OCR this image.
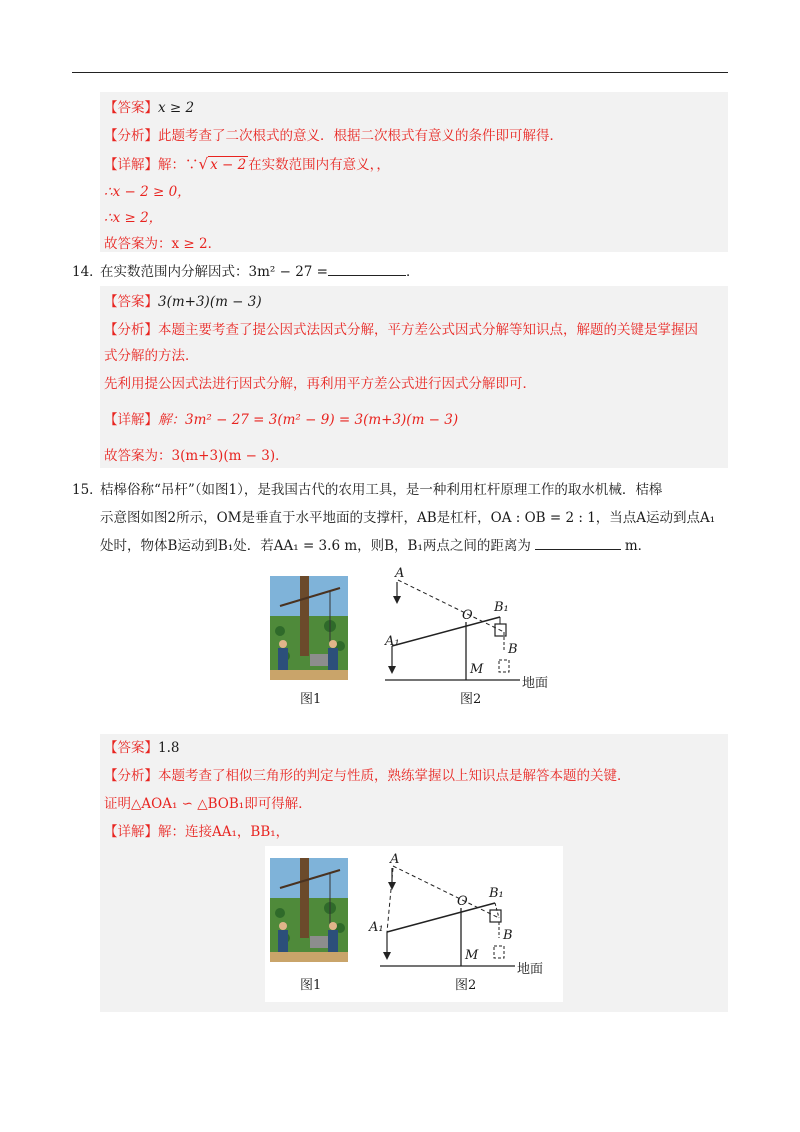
【答案】x ≥ 2
【分析】此题考查了二次根式的意义．根据二次根式有意义的条件即可解得．
【详解】解：∵√ x − 2 在实数范围内有意义，，
∴x − 2 ≥ 0，
∴x ≥ 2，
故答案为：x ≥ 2．
14．
在实数范围内分解因式：3m² − 27 =	．
【答案】3(m+3)(m − 3)
【分析】本题主要考查了提公因式法因式分解，平方差公式因式分解等知识点，解题的关键是掌握因
式分解的方法．
先利用提公因式法进行因式分解，再利用平方差公式进行因式分解即可．
【详解】解：3m² − 27 = 3(m² − 9) = 3(m+3)(m − 3)
故答案为：3(m+3)(m − 3)．
15．
桔槔俗称“吊杆”（如图1），是我国古代的农用工具，是一种利用杠杆原理工作的取水机械．桔槔
示意图如图2所示，OM是垂直于水平地面的支撑杆，AB是杠杆，OA : OB = 2 : 1，当点A运动到点A₁
处时，物体B运动到B₁处．若AA₁ = 3.6 m，则B，B₁两点之间的距离为	m．
图1
A
A₁
O
B₁
B
M
地面
图2
【答案】1.8
【分析】本题考查了相似三角形的判定与性质，熟练掌握以上知识点是解答本题的关键．
证明△AOA₁ ∽ △BOB₁即可得解．
【详解】解：连接AA₁，BB₁，
图1
A
A₁
O
B₁
B
M
地面
图2
